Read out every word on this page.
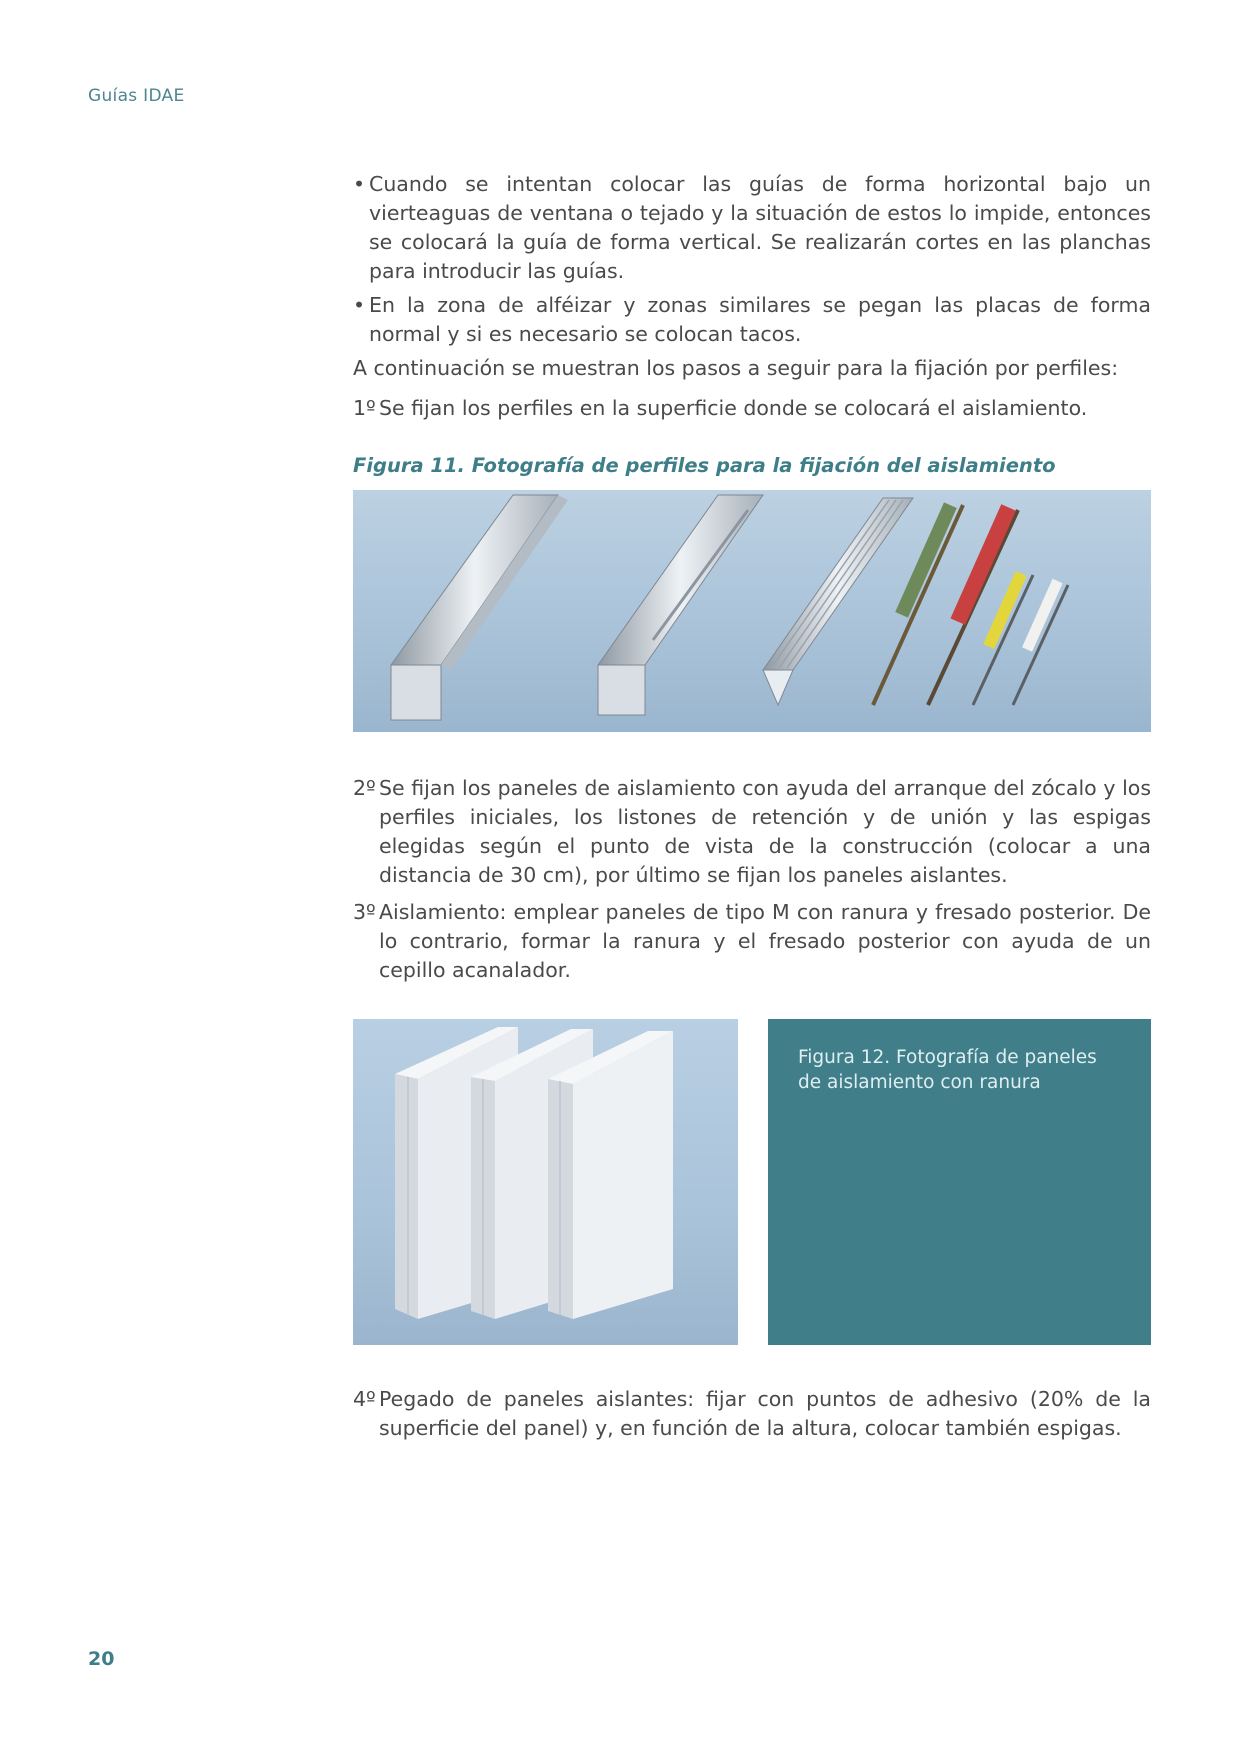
Guías IDAE

• Cuando se intentan colocar las guías de forma horizontal bajo un vierteaguas de ventana o tejado y la situación de estos lo impide, entonces se colocará la guía de forma vertical. Se realizarán cortes en las planchas para introducir las guías.

• En la zona de alféizar y zonas similares se pegan las placas de forma normal y si es necesario se colocan tacos.

A continuación se muestran los pasos a seguir para la fijación por perfiles:

1º Se fijan los perfiles en la superficie donde se colocará el aislamiento.

Figura 11. Fotografía de perfiles para la fijación del aislamiento

2º Se fijan los paneles de aislamiento con ayuda del arranque del zócalo y los perfiles iniciales, los listones de retención y de unión y las espigas elegidas según el punto de vista de la construcción (colocar a una distancia de 30 cm), por último se fijan los paneles aislantes.

3º Aislamiento: emplear paneles de tipo M con ranura y fresado posterior. De lo contrario, formar la ranura y el fresado posterior con ayuda de un cepillo acanalador.

Figura 12. Fotografía de paneles de aislamiento con ranura

4º Pegado de paneles aislantes: fijar con puntos de adhesivo (20% de la superficie del panel) y, en función de la altura, colocar también espigas.

20
